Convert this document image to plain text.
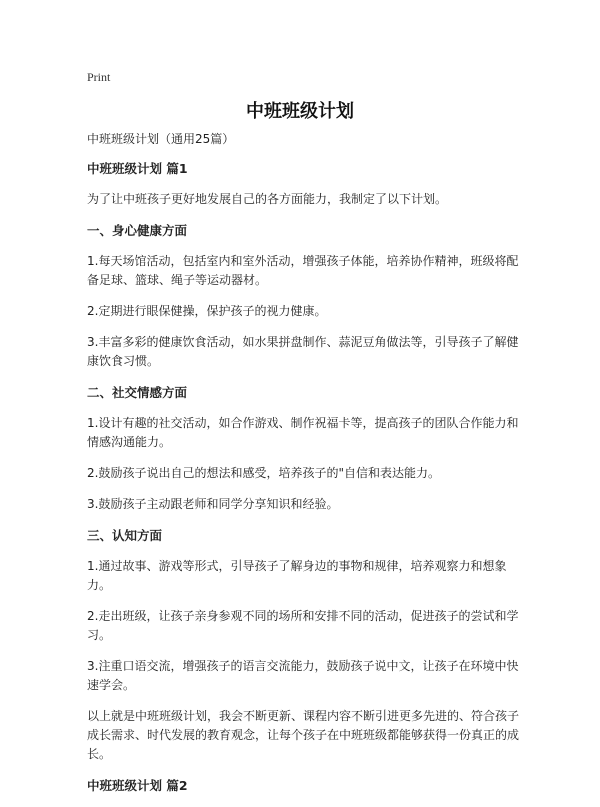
Print
中班班级计划

中班班级计划（通用25篇）

中班班级计划 篇1

为了让中班孩子更好地发展自己的各方面能力，我制定了以下计划。

一、身心健康方面

1.每天场馆活动，包括室内和室外活动，增强孩子体能，培养协作精神，班级将配备足球、篮球、绳子等运动器材。

2.定期进行眼保健操，保护孩子的视力健康。

3.丰富多彩的健康饮食活动，如水果拼盘制作、蒜泥豆角做法等，引导孩子了解健康饮食习惯。

二、社交情感方面

1.设计有趣的社交活动，如合作游戏、制作祝福卡等，提高孩子的团队合作能力和情感沟通能力。

2.鼓励孩子说出自己的想法和感受，培养孩子的"自信和表达能力。

3.鼓励孩子主动跟老师和同学分享知识和经验。

三、认知方面

1.通过故事、游戏等形式，引导孩子了解身边的事物和规律，培养观察力和想象力。

2.走出班级，让孩子亲身参观不同的场所和安排不同的活动，促进孩子的尝试和学习。

3.注重口语交流，增强孩子的语言交流能力，鼓励孩子说中文，让孩子在环境中快速学会。

以上就是中班班级计划，我会不断更新、课程内容不断引进更多先进的、符合孩子成长需求、时代发展的教育观念，让每个孩子在中班班级都能够获得一份真正的成长。

中班班级计划 篇2
